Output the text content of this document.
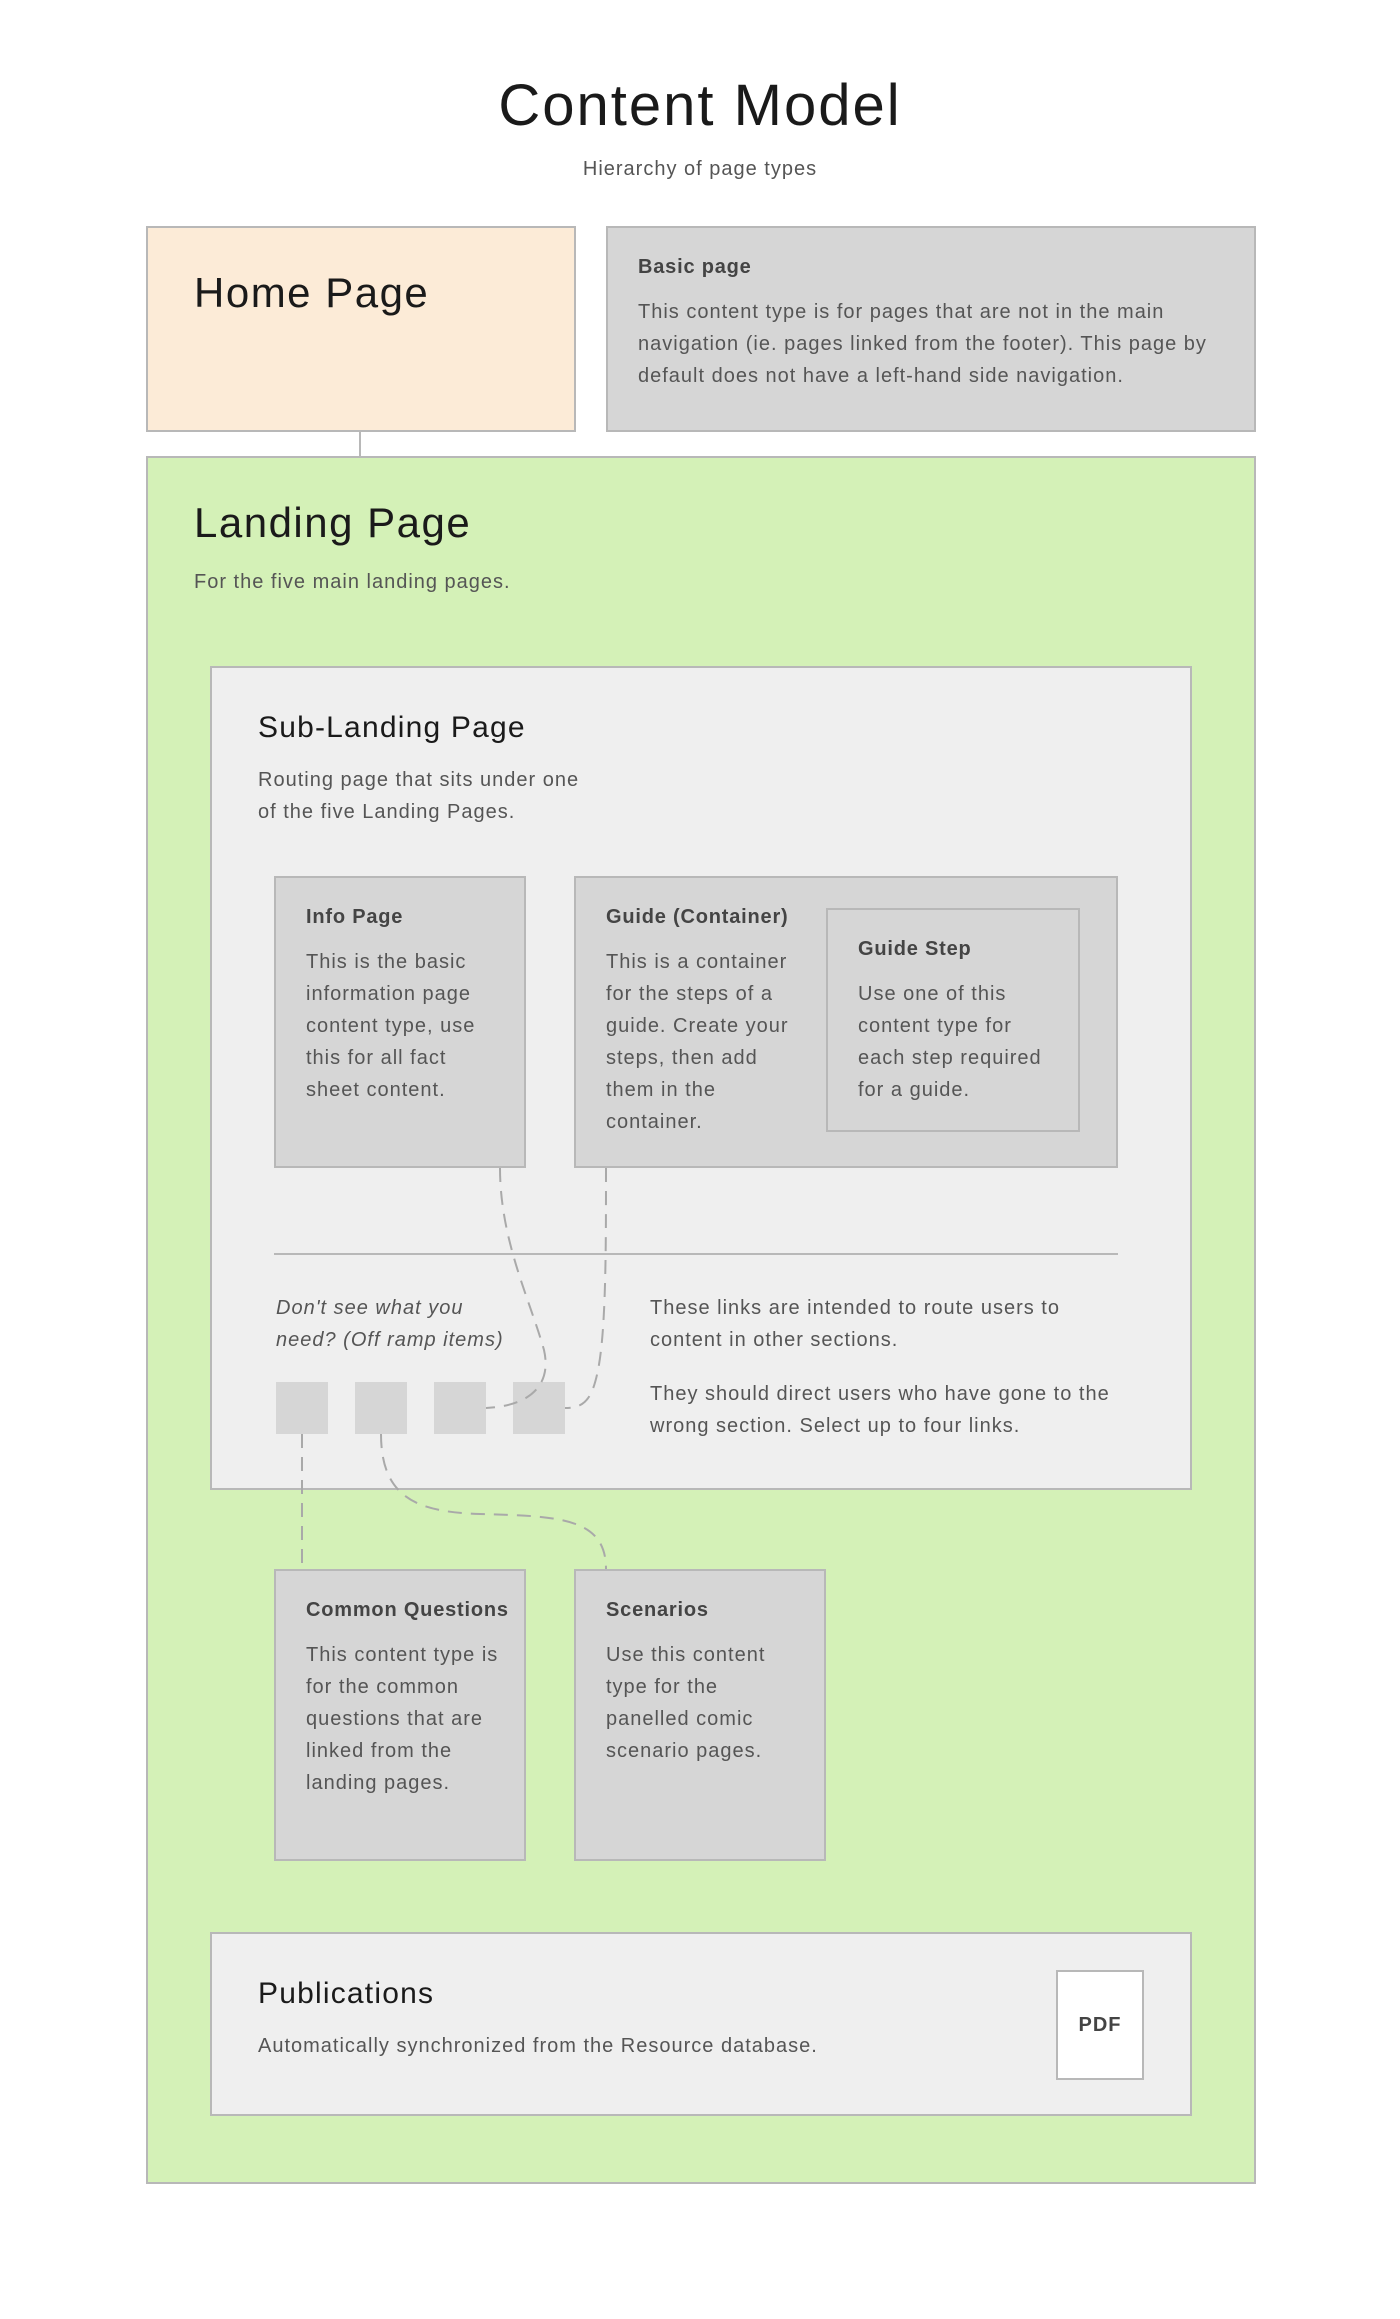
Content Model
Hierarchy of page types
Home Page
Basic page
This content type is for pages that are not in the main navigation (ie. pages linked from the footer). This page by default does not have a left-hand side navigation.
Landing Page
For the five main landing pages.
Sub-Landing Page
Routing page that sits under one of the five Landing Pages.
Info Page
This is the basic information page content type, use this for all fact sheet content.
Guide (Container)
This is a container for the steps of a guide. Create your steps, then add them in the container.
Guide Step
Use one of this content type for each step required for a guide.
Don't see what you need? (Off ramp items)
These links are intended to route users to content in other sections.
They should direct users who have gone to the wrong section. Select up to four links.
Common Questions
This content type is for the common questions that are linked from the landing pages.
Scenarios
Use this content type for the panelled comic scenario pages.
Publications
Automatically synchronized from the Resource database.
PDF
